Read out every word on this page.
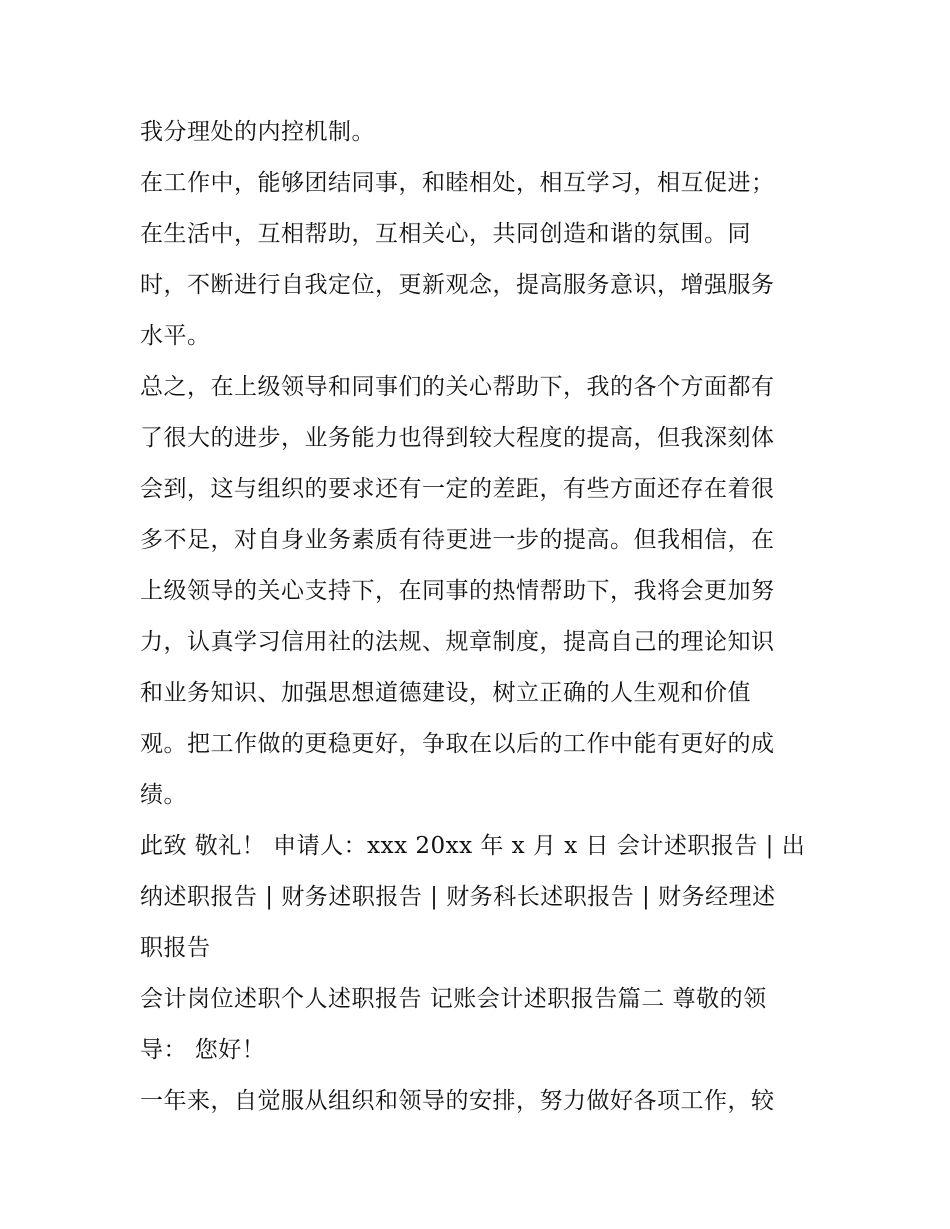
我分理处的内控机制。
在工作中，能够团结同事，和睦相处，相互学习，相互促进；
在生活中，互相帮助，互相关心，共同创造和谐的氛围。同
时，不断进行自我定位，更新观念，提高服务意识，增强服务
水平。
总之，在上级领导和同事们的关心帮助下，我的各个方面都有
了很大的进步，业务能力也得到较大程度的提高，但我深刻体
会到，这与组织的要求还有一定的差距，有些方面还存在着很
多不足，对自身业务素质有待更进一步的提高。但我相信，在
上级领导的关心支持下，在同事的热情帮助下，我将会更加努
力，认真学习信用社的法规、规章制度，提高自己的理论知识
和业务知识、加强思想道德建设，树立正确的人生观和价值
观。把工作做的更稳更好，争取在以后的工作中能有更好的成
绩。
此致 敬礼！ 申请人：xxx 20xx 年 x 月 x 日 会计述职报告 | 出
纳述职报告 | 财务述职报告 | 财务科长述职报告 | 财务经理述
职报告
会计岗位述职个人述职报告 记账会计述职报告篇二 尊敬的领
导： 您好！
一年来，自觉服从组织和领导的安排，努力做好各项工作，较
